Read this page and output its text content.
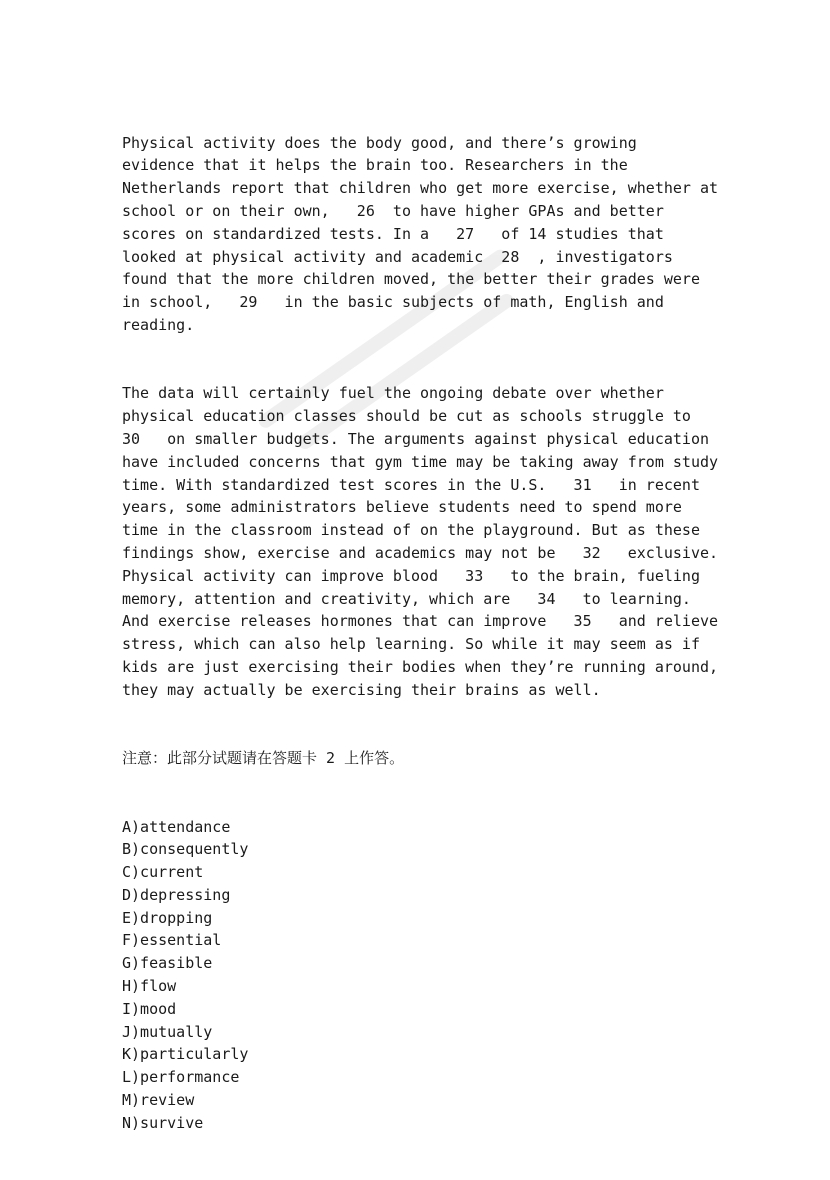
Physical activity does the body good, and there’s growing
evidence that it helps the brain too. Researchers in the
Netherlands report that children who get more exercise, whether at
school or on their own,   26  to have higher GPAs and better
scores on standardized tests. In a   27   of 14 studies that
looked at physical activity and academic  28  , investigators
found that the more children moved, the better their grades were
in school,   29   in the basic subjects of math, English and
reading.

The data will certainly fuel the ongoing debate over whether
physical education classes should be cut as schools struggle to
30   on smaller budgets. The arguments against physical education
have included concerns that gym time may be taking away from study
time. With standardized test scores in the U.S.   31   in recent
years, some administrators believe students need to spend more
time in the classroom instead of on the playground. But as these
findings show, exercise and academics may not be   32   exclusive.
Physical activity can improve blood   33   to the brain, fueling
memory, attention and creativity, which are   34   to learning.
And exercise releases hormones that can improve   35   and relieve
stress, which can also help learning. So while it may seem as if
kids are just exercising their bodies when they’re running around,
they may actually be exercising their brains as well.

注意：此部分试题请在答题卡 2 上作答。

A)attendance
B)consequently
C)current
D)depressing
E)dropping
F)essential
G)feasible
H)flow
I)mood
J)mutually
K)particularly
L)performance
M)review
N)survive
